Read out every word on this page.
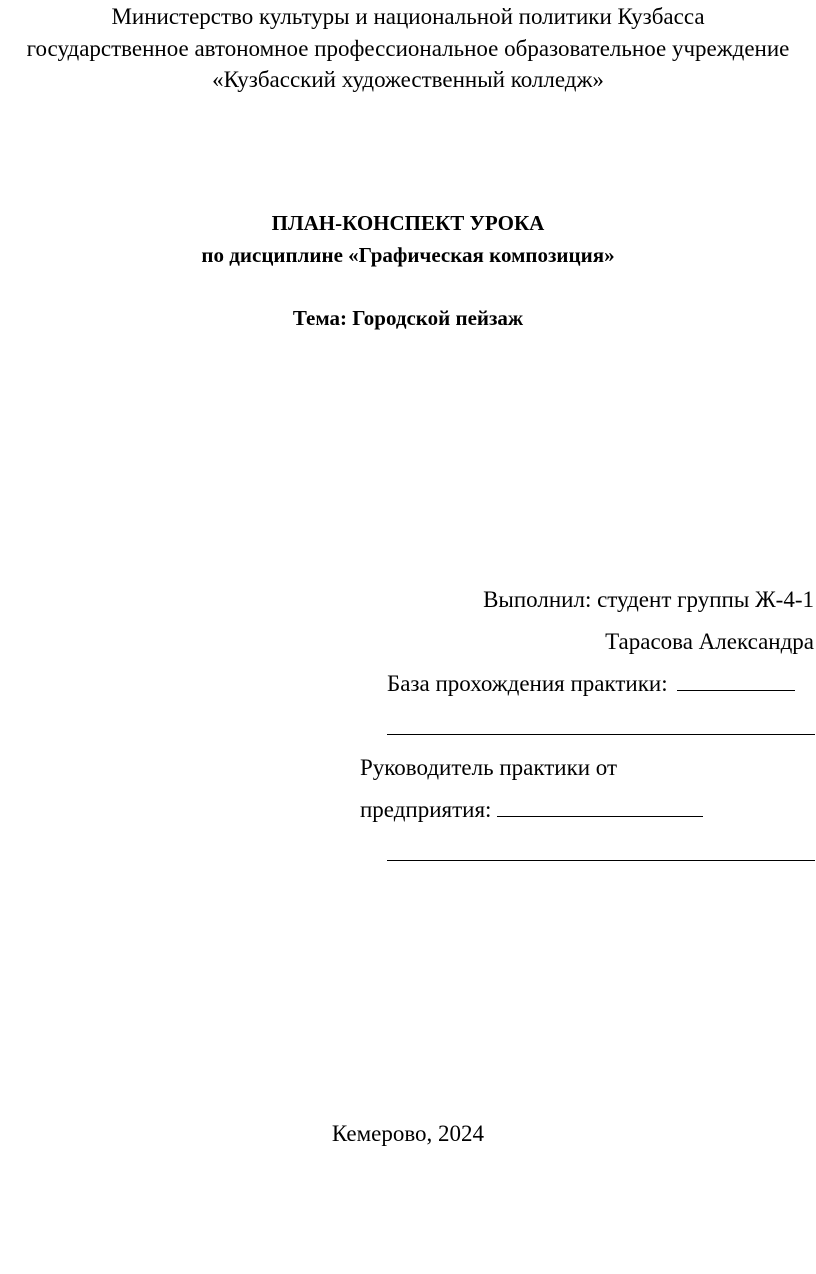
Министерство культуры и национальной политики Кузбасса
государственное автономное профессиональное образовательное учреждение
«Кузбасский художественный колледж»
ПЛАН-КОНСПЕКТ УРОКА
по дисциплине «Графическая композиция»
Тема: Городской пейзаж
Выполнил: студент группы Ж-4-1
Тарасова Александра
База прохождения практики:
Руководитель практики от
предприятия:
Кемерово, 2024
